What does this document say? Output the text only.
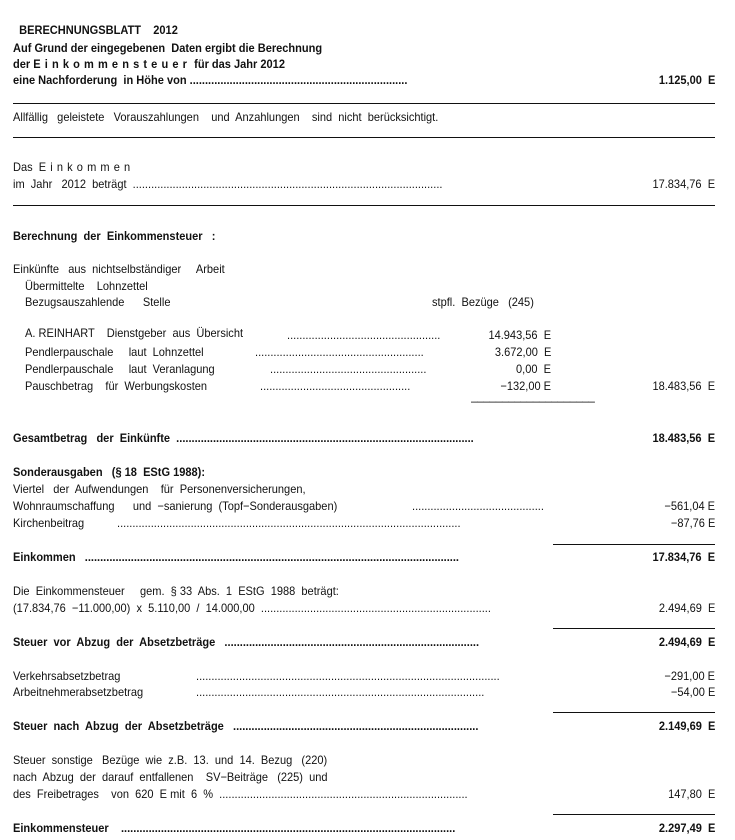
BERECHNUNGSBLATT 2012

Auf Grund der eingegebenen  Daten ergibt die Berechnung
der Einkommensteuer für das Jahr 2012
eine Nachforderung  in Höhe von .......................................................................	1.125,00  E
Allfällig   geleistete   Vorauszahlungen    und  Anzahlungen    sind  nicht  berücksichtigt.
Das  Einkommen
im  Jahr   2012  beträgt  .....................................................................................................	17.834,76  E
Berechnung  der  Einkommensteuer   :
Einkünfte   aus  nichtselbständiger     Arbeit
Übermittelte    Lohnzettel
Bezugsauszahlende      Stelle	stpfl.  Bezüge   (245)
A. REINHART    Dienstgeber  aus  Übersicht	..................................................	14.943,56  E
Pendlerpauschale     laut  Lohnzettel	.......................................................	3.672,00  E
Pendlerpauschale     laut  Veranlagung	...................................................	0,00  E
Pauschbetrag    für  Werbungskosten	.................................................	−132,00 E	18.483,56  E
––––––––––––––––––––
Gesamtbetrag   der  Einkünfte  .................................................................................................	18.483,56  E
Sonderausgaben   (§ 18  EStG 1988):
Viertel   der  Aufwendungen    für  Personenversicherungen,
Wohnraumschaffung      und  −sanierung  (Topf−Sonderausgaben)	...........................................	−561,04 E
Kirchenbeitrag	................................................................................................................	−87,76 E
Einkommen   ..........................................................................................................................	17.834,76  E
Die  Einkommensteuer     gem.  § 33  Abs.  1  EStG  1988  beträgt:
(17.834,76  −11.000,00)  x  5.110,00  /  14.000,00  ...........................................................................	2.494,69  E
Steuer  vor  Abzug  der  Absetzbeträge   ...................................................................................	2.494,69  E
Verkehrsabsetzbetrag	...................................................................................................	−291,00 E
Arbeitnehmerabsetzbetrag	..............................................................................................	−54,00 E
Steuer  nach  Abzug  der  Absetzbeträge   ................................................................................	2.149,69  E
Steuer  sonstige   Bezüge  wie  z.B.  13.  und  14.  Bezug   (220)
nach  Abzug  der  darauf  entfallenen    SV−Beiträge   (225)  und
des  Freibetrages    von  620  E mit  6  %  .................................................................................	147,80  E
Einkommensteuer    .............................................................................................................	2.297,49  E
